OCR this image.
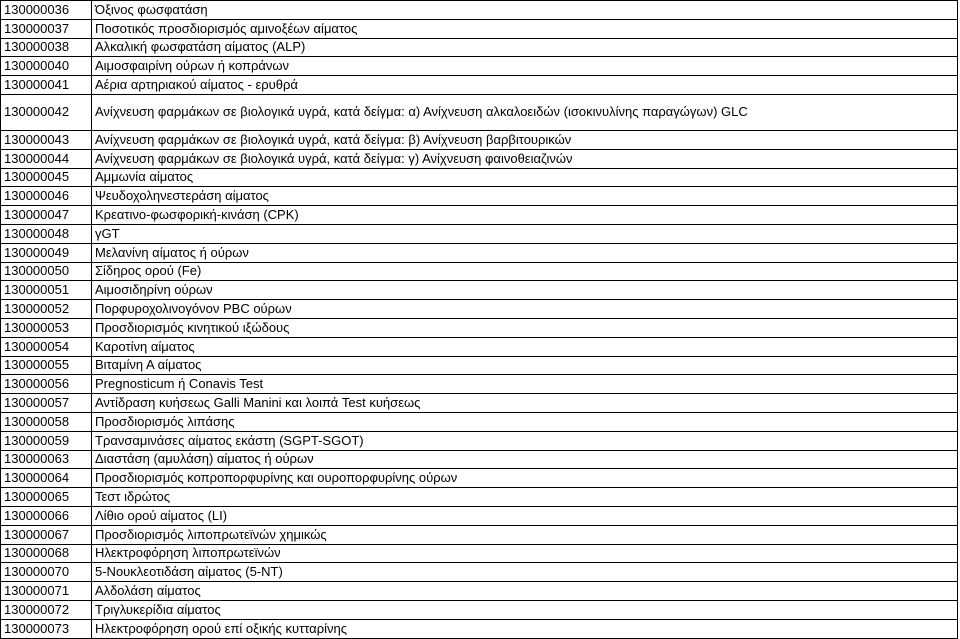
130000036	Όξινος φωσφατάση
130000037	Ποσοτικός προσδιορισμός αμινοξέων αίματος
130000038	Αλκαλική φωσφατάση αίματος (ALP)
130000040	Αιμοσφαιρίνη ούρων ή κοπράνων
130000041	Αέρια αρτηριακού αίματος - ερυθρά
130000042	Ανίχνευση φαρμάκων σε βιολογικά υγρά, κατά δείγμα: α) Ανίχνευση αλκαλοειδών (ισοκινυλίνης παραγώγων) GLC
130000043	Ανίχνευση φαρμάκων σε βιολογικά υγρά, κατά δείγμα: β) Ανίχνευση βαρβιτουρικών
130000044	Ανίχνευση φαρμάκων σε βιολογικά υγρά, κατά δείγμα: γ) Ανίχνευση φαινοθειαζινών
130000045	Αμμωνία αίματος
130000046	Ψευδοχοληνεστεράση αίματος
130000047	Κρεατινο-φωσφορική-κινάση (CPK)
130000048	γGT
130000049	Μελανίνη αίματος ή ούρων
130000050	Σίδηρος ορού (Fe)
130000051	Αιμοσιδηρίνη ούρων
130000052	Πορφυροχολινογόνον PBC ούρων
130000053	Προσδιορισμός κινητικού ιξώδους
130000054	Καροτίνη αίματος
130000055	Βιταμίνη Α αίματος
130000056	Pregnosticum ή Conavis Test
130000057	Αντίδραση κυήσεως Galli Manini και λοιπά Test κυήσεως
130000058	Προσδιορισμός λιπάσης
130000059	Τρανσαμινάσες αίματος εκάστη (SGPT-SGOT)
130000063	Διαστάση (αμυλάση) αίματος ή ούρων
130000064	Προσδιορισμός κοπροπορφυρίνης και ουροπορφυρίνης ούρων
130000065	Τεστ ιδρώτος
130000066	Λίθιο ορού αίματος (LI)
130000067	Προσδιορισμός λιποπρωτεϊνών χημικώς
130000068	Ηλεκτροφόρηση λιποπρωτεϊνών
130000070	5-Νουκλεοτιδάση αίματος (5-NT)
130000071	Αλδολάση αίματος
130000072	Τριγλυκερίδια αίματος
130000073	Ηλεκτροφόρηση ορού επί οξικής κυτταρίνης
